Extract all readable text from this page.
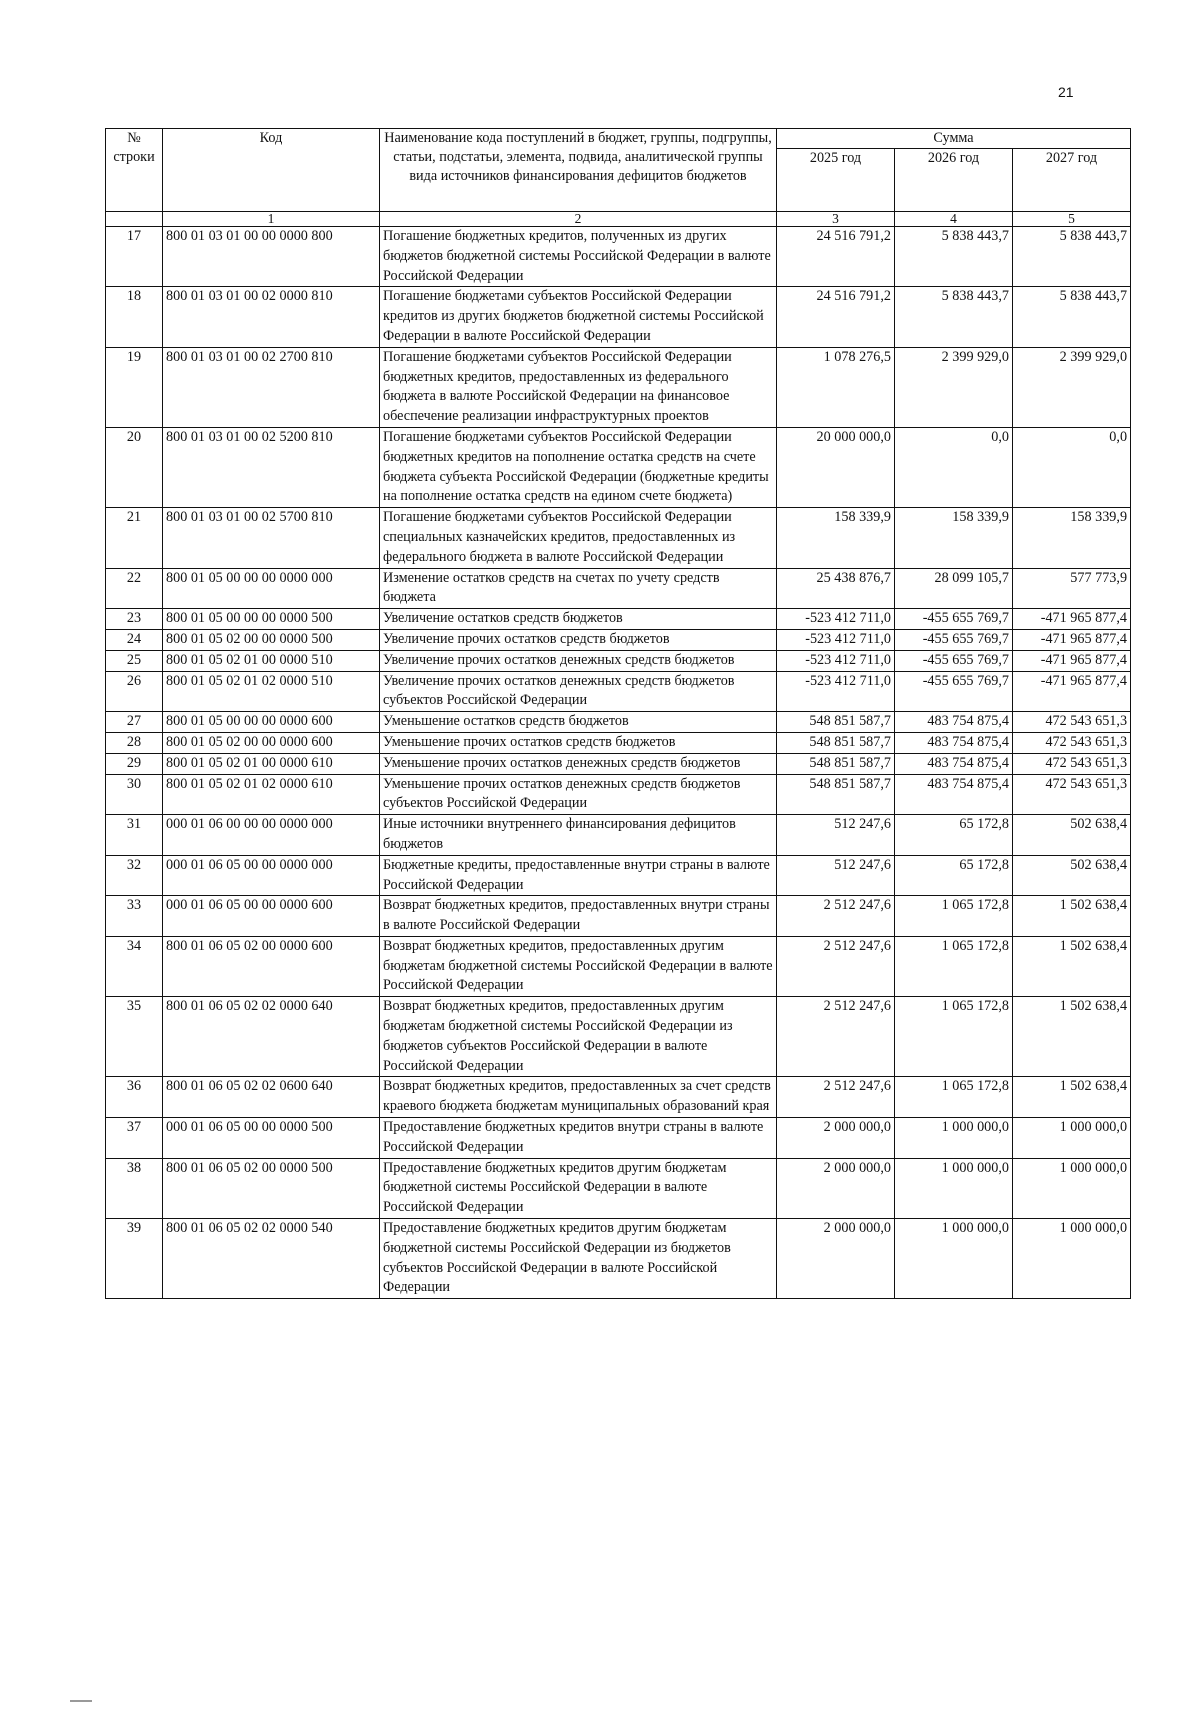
21
№ строки	Код	Наименование кода поступлений в бюджет, группы, подгруппы, статьи, подстатьи, элемента, подвида, аналитической группы вида источников финансирования дефицитов бюджетов	Сумма		
			2025 год	2026 год	2027 год
	1	2	3	4	5
17	800 01 03 01 00 00 0000 800	Погашение бюджетных кредитов, полученных из других бюджетов бюджетной системы Российской Федерации в валюте Российской Федерации	24 516 791,2	5 838 443,7	5 838 443,7
18	800 01 03 01 00 02 0000 810	Погашение бюджетами субъектов Российской Федерации кредитов из других бюджетов бюджетной системы Российской Федерации в валюте Российской Федерации	24 516 791,2	5 838 443,7	5 838 443,7
19	800 01 03 01 00 02 2700 810	Погашение бюджетами субъектов Российской Федерации бюджетных кредитов, предоставленных из федерального бюджета в валюте Российской Федерации на финансовое обеспечение реализации инфраструктурных проектов	1 078 276,5	2 399 929,0	2 399 929,0
20	800 01 03 01 00 02 5200 810	Погашение бюджетами субъектов Российской Федерации бюджетных кредитов на пополнение остатка средств на счете бюджета субъекта Российской Федерации (бюджетные кредиты на пополнение остатка средств на едином счете бюджета)	20 000 000,0	0,0	0,0
21	800 01 03 01 00 02 5700 810	Погашение бюджетами субъектов Российской Федерации специальных казначейских кредитов, предоставленных из федерального бюджета в валюте Российской Федерации	158 339,9	158 339,9	158 339,9
22	800 01 05 00 00 00 0000 000	Изменение остатков средств на счетах по учету средств бюджета	25 438 876,7	28 099 105,7	577 773,9
23	800 01 05 00 00 00 0000 500	Увеличение остатков средств бюджетов	-523 412 711,0	-455 655 769,7	-471 965 877,4
24	800 01 05 02 00 00 0000 500	Увеличение прочих остатков средств бюджетов	-523 412 711,0	-455 655 769,7	-471 965 877,4
25	800 01 05 02 01 00 0000 510	Увеличение прочих остатков денежных средств бюджетов	-523 412 711,0	-455 655 769,7	-471 965 877,4
26	800 01 05 02 01 02 0000 510	Увеличение прочих остатков денежных средств бюджетов субъектов Российской Федерации	-523 412 711,0	-455 655 769,7	-471 965 877,4
27	800 01 05 00 00 00 0000 600	Уменьшение остатков средств бюджетов	548 851 587,7	483 754 875,4	472 543 651,3
28	800 01 05 02 00 00 0000 600	Уменьшение прочих остатков средств бюджетов	548 851 587,7	483 754 875,4	472 543 651,3
29	800 01 05 02 01 00 0000 610	Уменьшение прочих остатков денежных средств бюджетов	548 851 587,7	483 754 875,4	472 543 651,3
30	800 01 05 02 01 02 0000 610	Уменьшение прочих остатков денежных средств бюджетов субъектов Российской Федерации	548 851 587,7	483 754 875,4	472 543 651,3
31	000 01 06 00 00 00 0000 000	Иные источники внутреннего финансирования дефицитов бюджетов	512 247,6	65 172,8	502 638,4
32	000 01 06 05 00 00 0000 000	Бюджетные кредиты, предоставленные внутри страны в валюте Российской Федерации	512 247,6	65 172,8	502 638,4
33	000 01 06 05 00 00 0000 600	Возврат бюджетных кредитов, предоставленных внутри страны в валюте Российской Федерации	2 512 247,6	1 065 172,8	1 502 638,4
34	800 01 06 05 02 00 0000 600	Возврат бюджетных кредитов, предоставленных другим бюджетам бюджетной системы Российской Федерации в валюте Российской Федерации	2 512 247,6	1 065 172,8	1 502 638,4
35	800 01 06 05 02 02 0000 640	Возврат бюджетных кредитов, предоставленных другим бюджетам бюджетной системы Российской Федерации из бюджетов субъектов Российской Федерации в валюте Российской Федерации	2 512 247,6	1 065 172,8	1 502 638,4
36	800 01 06 05 02 02 0600 640	Возврат бюджетных кредитов, предоставленных за счет средств краевого бюджета бюджетам муниципальных образований края	2 512 247,6	1 065 172,8	1 502 638,4
37	000 01 06 05 00 00 0000 500	Предоставление бюджетных кредитов внутри страны в валюте Российской Федерации	2 000 000,0	1 000 000,0	1 000 000,0
38	800 01 06 05 02 00 0000 500	Предоставление бюджетных кредитов другим бюджетам бюджетной системы Российской Федерации в валюте Российской Федерации	2 000 000,0	1 000 000,0	1 000 000,0
39	800 01 06 05 02 02 0000 540	Предоставление бюджетных кредитов другим бюджетам бюджетной системы Российской Федерации из бюджетов субъектов Российской Федерации в валюте Российской Федерации	2 000 000,0	1 000 000,0	1 000 000,0
